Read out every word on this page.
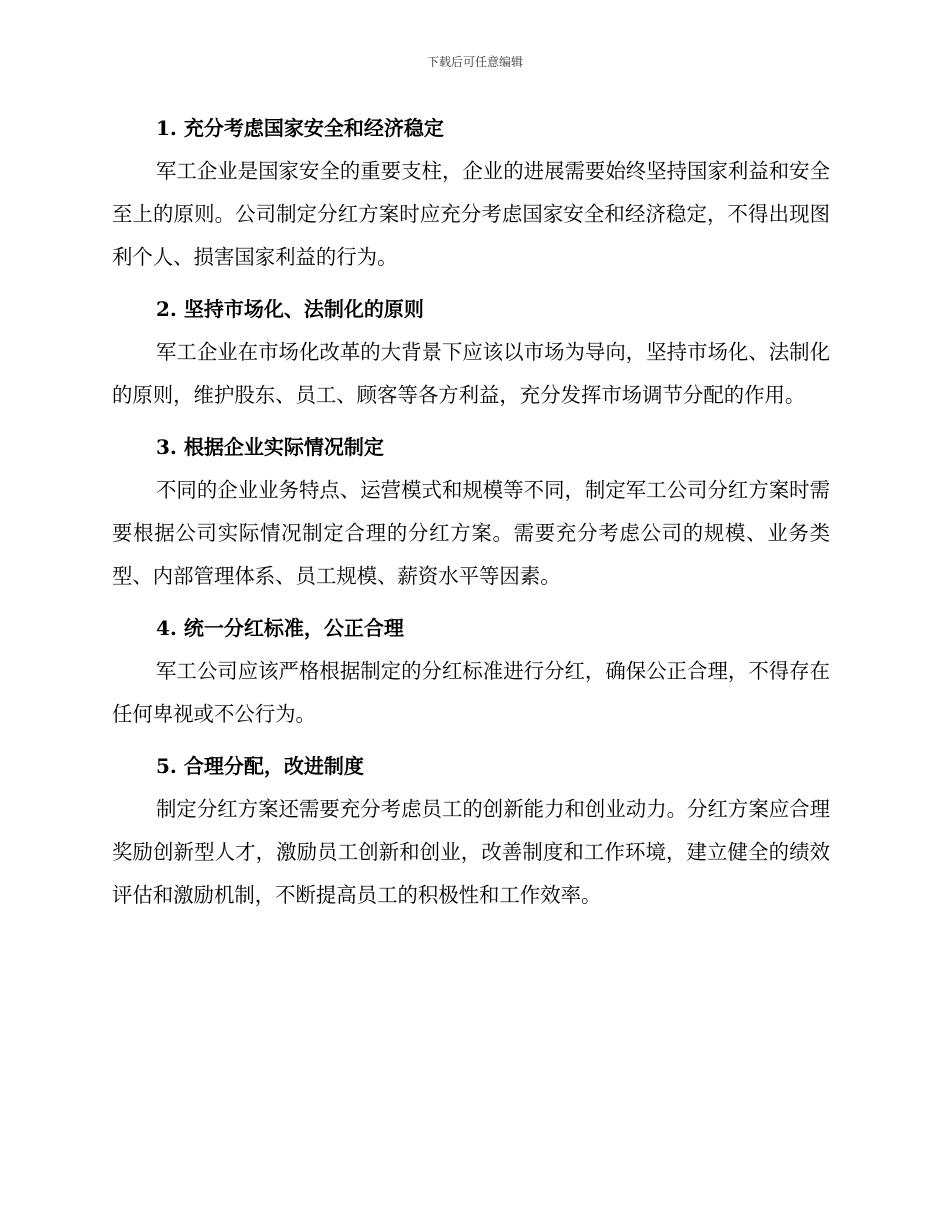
下载后可任意编辑
1. 充分考虑国家安全和经济稳定

军工企业是国家安全的重要支柱，企业的进展需要始终坚持国家利益和安全至上的原则。公司制定分红方案时应充分考虑国家安全和经济稳定，不得出现图利个人、损害国家利益的行为。

2. 坚持市场化、法制化的原则

军工企业在市场化改革的大背景下应该以市场为导向，坚持市场化、法制化的原则，维护股东、员工、顾客等各方利益，充分发挥市场调节分配的作用。

3. 根据企业实际情况制定

不同的企业业务特点、运营模式和规模等不同，制定军工公司分红方案时需要根据公司实际情况制定合理的分红方案。需要充分考虑公司的规模、业务类型、内部管理体系、员工规模、薪资水平等因素。

4. 统一分红标准，公正合理

军工公司应该严格根据制定的分红标准进行分红，确保公正合理，不得存在任何卑视或不公行为。

5. 合理分配，改进制度

制定分红方案还需要充分考虑员工的创新能力和创业动力。分红方案应合理奖励创新型人才，激励员工创新和创业，改善制度和工作环境，建立健全的绩效评估和激励机制，不断提高员工的积极性和工作效率。
